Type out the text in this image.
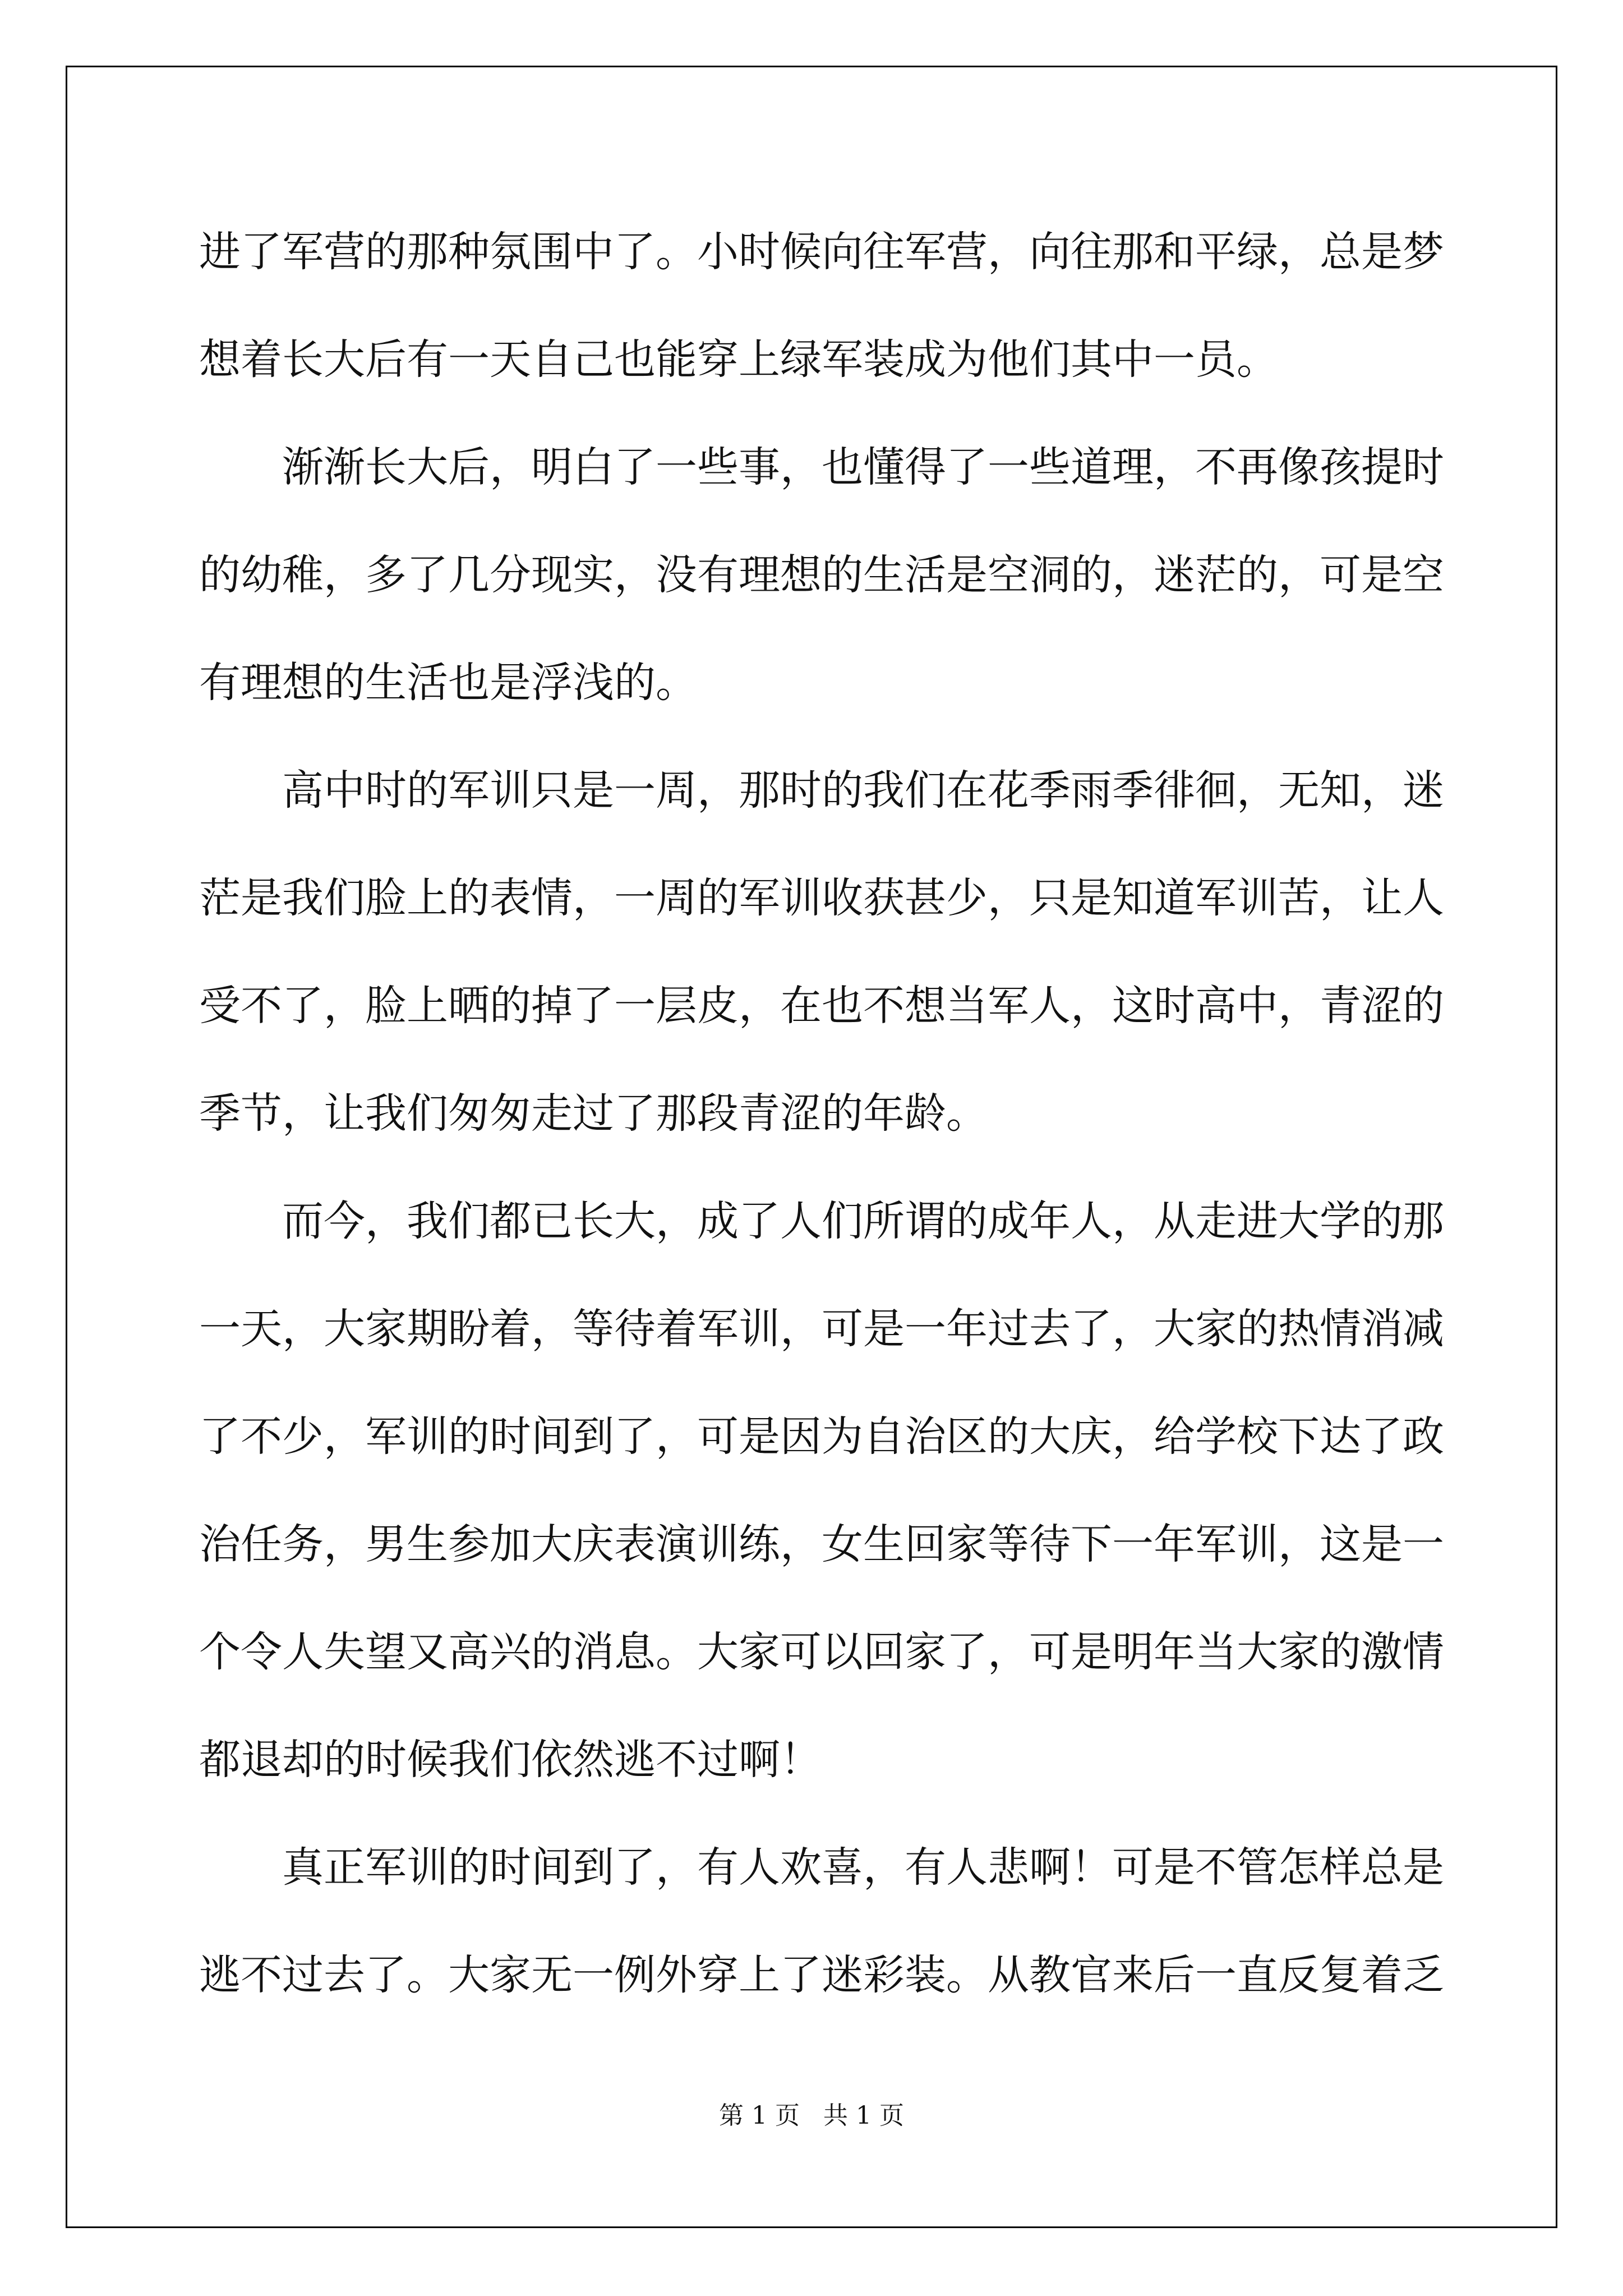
进了军营的那种氛围中了。小时候向往军营，向往那和平绿，总是梦

想着长大后有一天自己也能穿上绿军装成为他们其中一员。

渐渐长大后，明白了一些事，也懂得了一些道理，不再像孩提时

的幼稚，多了几分现实，没有理想的生活是空洞的，迷茫的，可是空

有理想的生活也是浮浅的。

高中时的军训只是一周，那时的我们在花季雨季徘徊，无知，迷

茫是我们脸上的表情，一周的军训收获甚少，只是知道军训苦，让人

受不了，脸上晒的掉了一层皮，在也不想当军人，这时高中，青涩的

季节，让我们匆匆走过了那段青涩的年龄。

而今，我们都已长大，成了人们所谓的成年人，从走进大学的那

一天，大家期盼着，等待着军训，可是一年过去了，大家的热情消减

了不少，军训的时间到了，可是因为自治区的大庆，给学校下达了政

治任务，男生参加大庆表演训练，女生回家等待下一年军训，这是一

个令人失望又高兴的消息。大家可以回家了，可是明年当大家的激情

都退却的时候我们依然逃不过啊！

真正军训的时间到了，有人欢喜，有人悲啊！可是不管怎样总是

逃不过去了。大家无一例外穿上了迷彩装。从教官来后一直反复着乏

第 1 页   共 1 页
